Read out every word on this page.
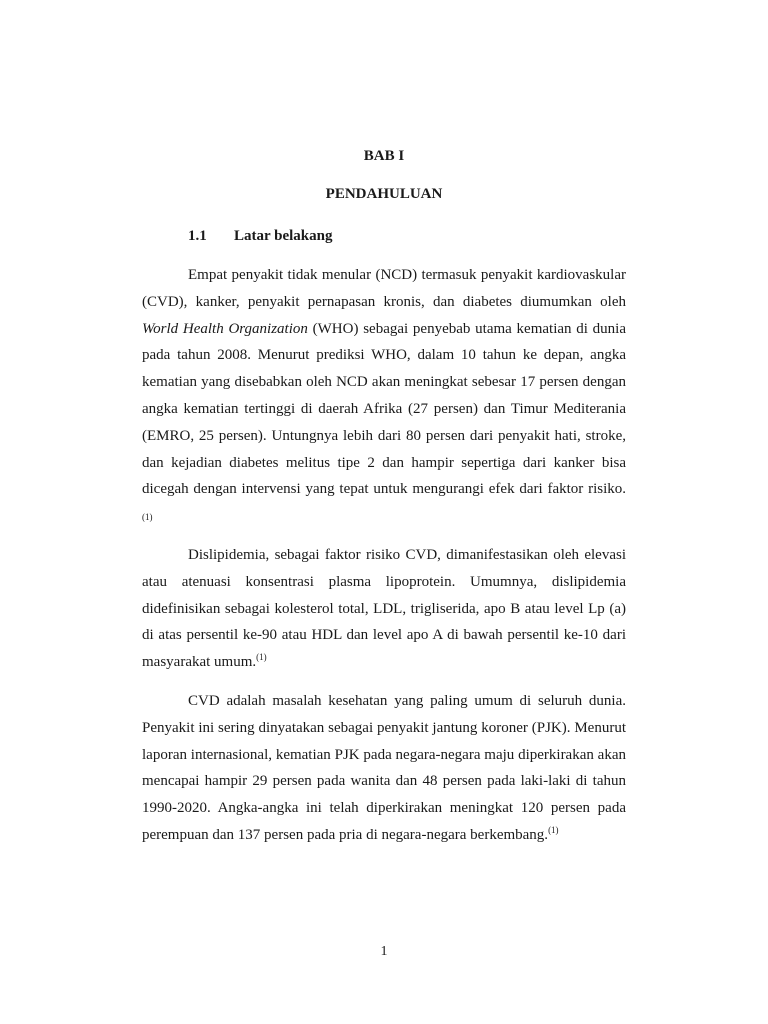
BAB I
PENDAHULUAN
1.1 Latar belakang

Empat penyakit tidak menular (NCD) termasuk penyakit kardiovaskular (CVD), kanker, penyakit pernapasan kronis, dan diabetes diumumkan oleh World Health Organization (WHO) sebagai penyebab utama kematian di dunia pada tahun 2008. Menurut prediksi WHO, dalam 10 tahun ke depan, angka kematian yang disebabkan oleh NCD akan meningkat sebesar 17 persen dengan angka kematian tertinggi di daerah Afrika (27 persen) dan Timur Mediterania (EMRO, 25 persen). Untungnya lebih dari 80 persen dari penyakit hati, stroke, dan kejadian diabetes melitus tipe 2 dan hampir sepertiga dari kanker bisa dicegah dengan intervensi yang tepat untuk mengurangi efek dari faktor risiko. (1)

Dislipidemia, sebagai faktor risiko CVD, dimanifestasikan oleh elevasi atau atenuasi konsentrasi plasma lipoprotein. Umumnya, dislipidemia didefinisikan sebagai kolesterol total, LDL, trigliserida, apo B atau level Lp (a) di atas persentil ke-90 atau HDL dan level apo A di bawah persentil ke-10 dari masyarakat umum.$^{(1)}$

CVD adalah masalah kesehatan yang paling umum di seluruh dunia. Penyakit ini sering dinyatakan sebagai penyakit jantung koroner (PJK). Menurut laporan internasional, kematian PJK pada negara-negara maju diperkirakan akan mencapai hampir 29 persen pada wanita dan 48 persen pada laki-laki di tahun 1990-2020. Angka-angka ini telah diperkirakan meningkat 120 persen pada perempuan dan 137 persen pada pria di negara-negara berkembang.$^{(1)}$

1
